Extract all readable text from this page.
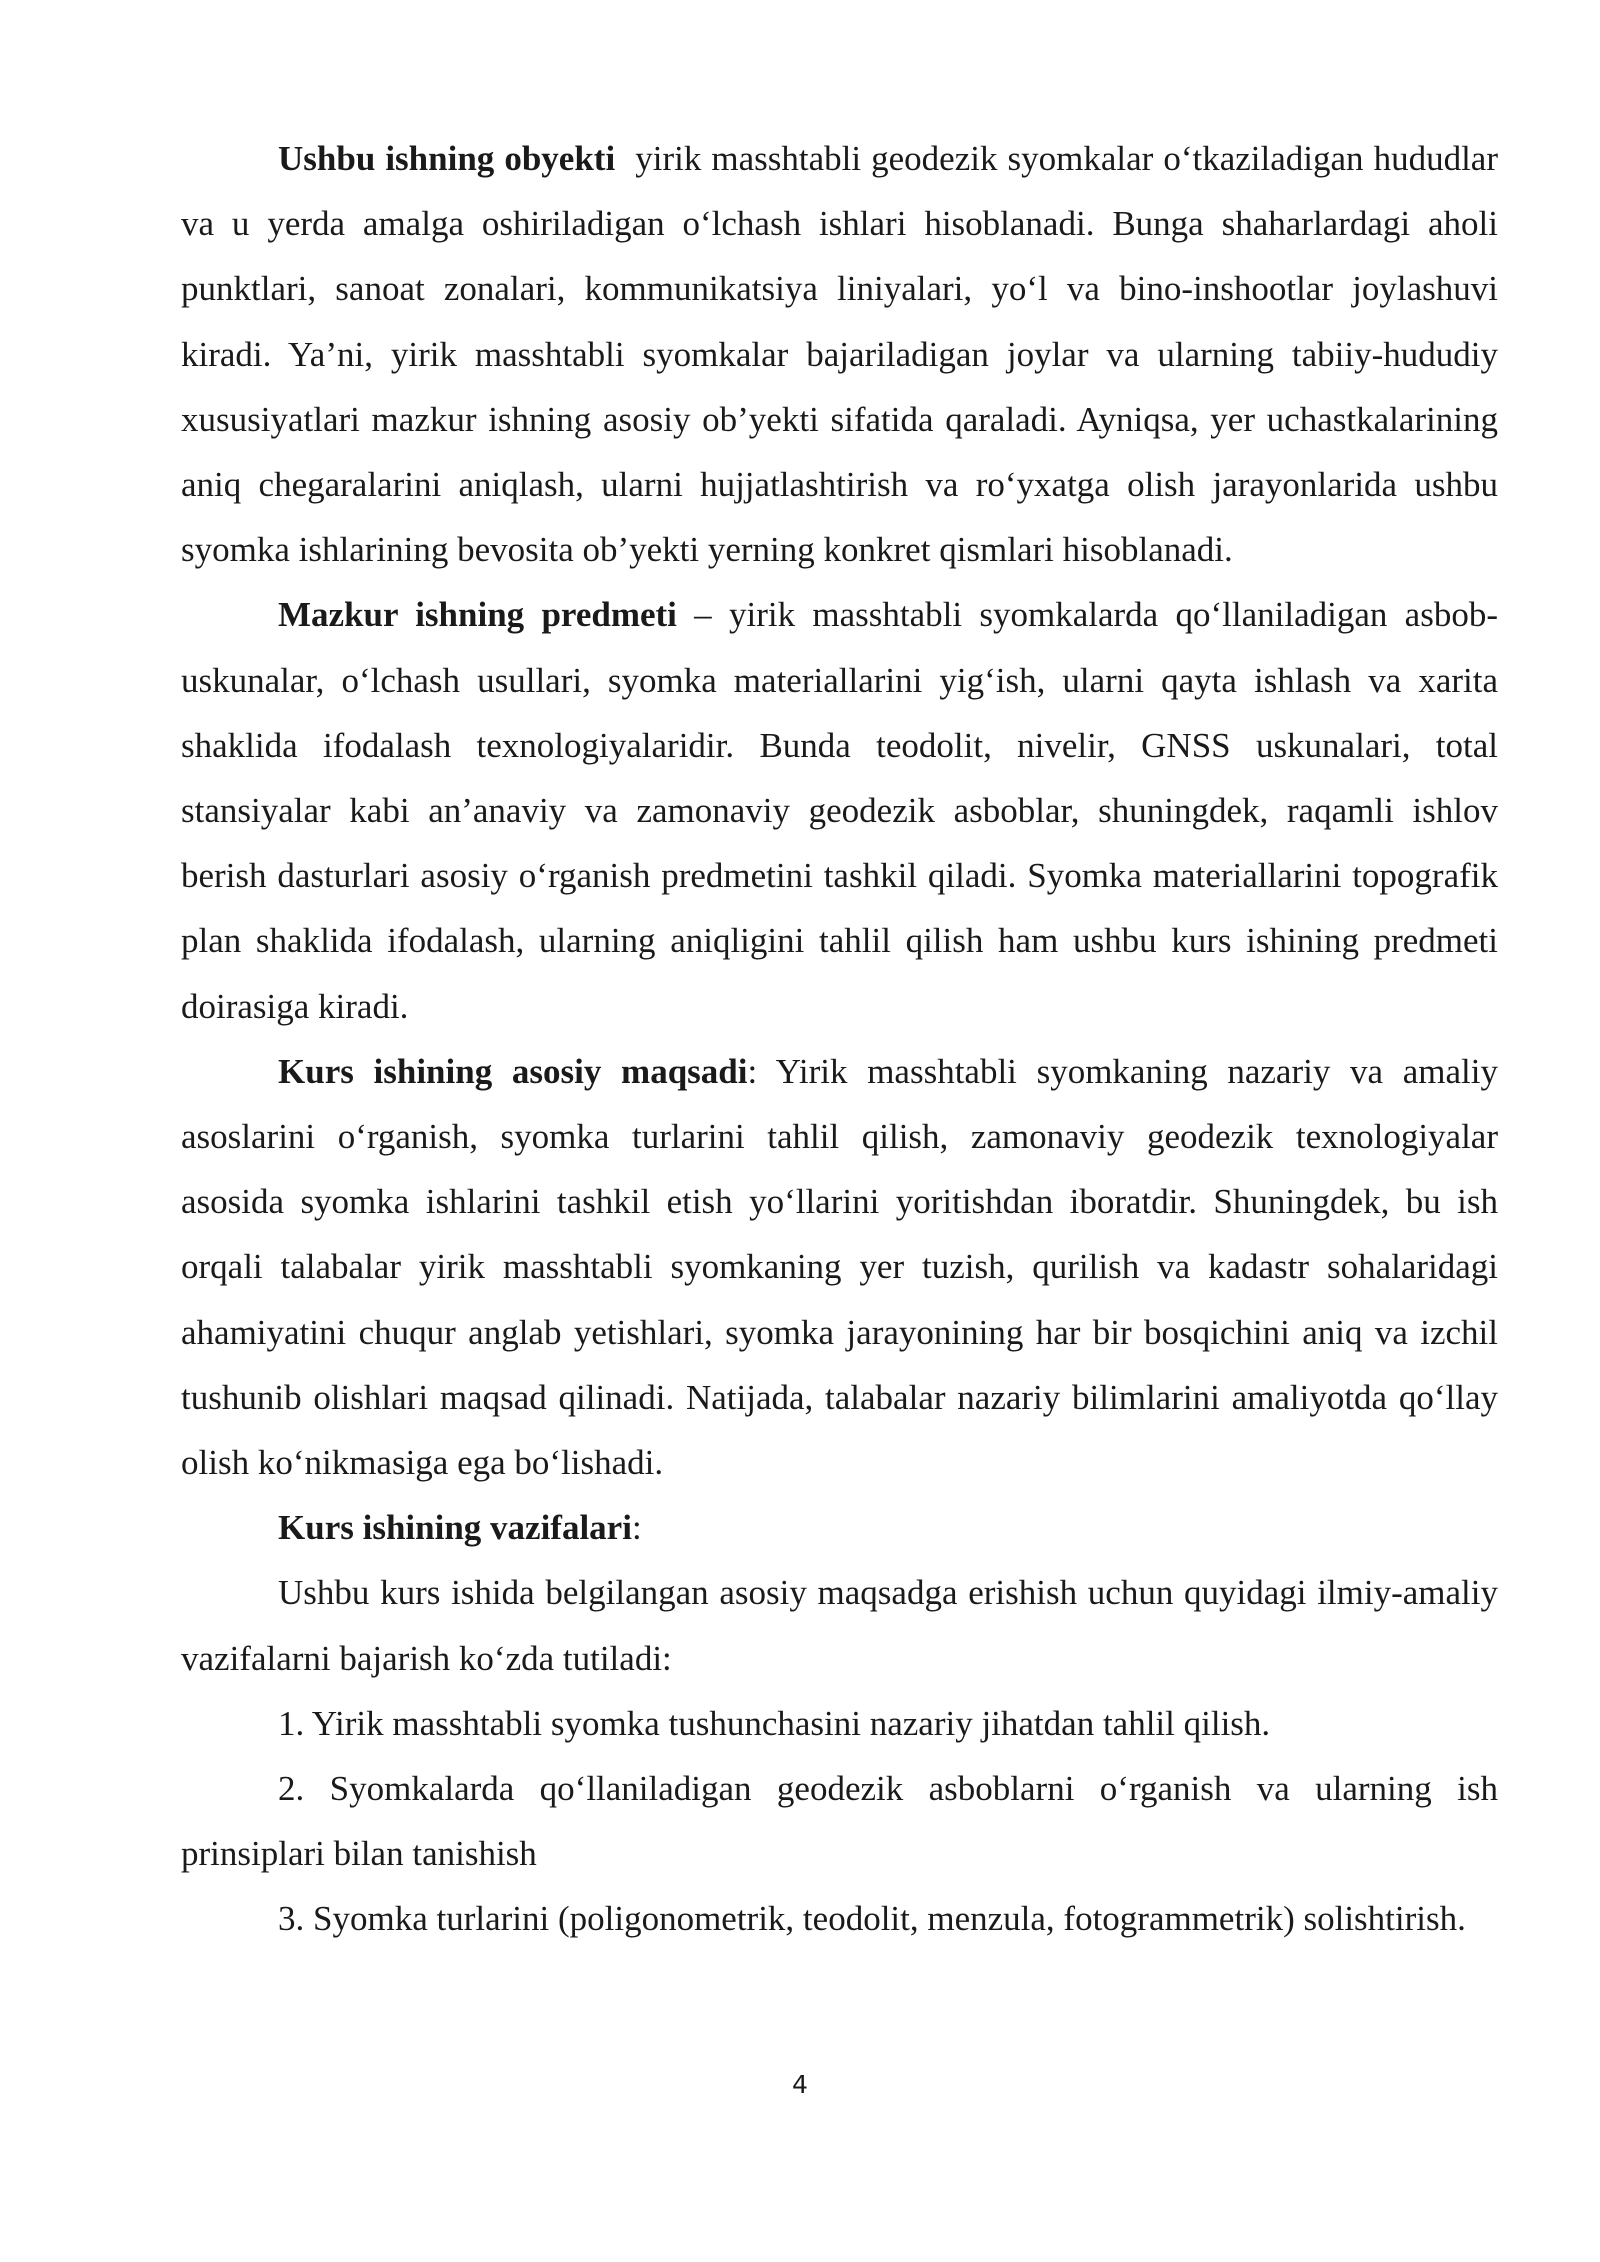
Ushbu ishning obyekti  yirik masshtabli geodezik syomkalar o‘tkaziladigan hududlar va u yerda amalga oshiriladigan o‘lchash ishlari hisoblanadi. Bunga shaharlardagi aholi punktlari, sanoat zonalari, kommunikatsiya liniyalari, yo‘l va bino-inshootlar joylashuvi kiradi. Ya’ni, yirik masshtabli syomkalar bajariladigan joylar va ularning tabiiy-hududiy xususiyatlari mazkur ishning asosiy ob’yekti sifatida qaraladi. Ayniqsa, yer uchastkalarining aniq chegaralarini aniqlash, ularni hujjatlashtirish va ro‘yxatga olish jarayonlarida ushbu syomka ishlarining bevosita ob’yekti yerning konkret qismlari hisoblanadi.

Mazkur ishning predmeti – yirik masshtabli syomkalarda qo‘llaniladigan asbob-uskunalar, o‘lchash usullari, syomka materiallarini yig‘ish, ularni qayta ishlash va xarita shaklida ifodalash texnologiyalaridir. Bunda teodolit, nivelir, GNSS uskunalari, total stansiyalar kabi an’anaviy va zamonaviy geodezik asboblar, shuningdek, raqamli ishlov berish dasturlari asosiy o‘rganish predmetini tashkil qiladi. Syomka materiallarini topografik plan shaklida ifodalash, ularning aniqligini tahlil qilish ham ushbu kurs ishining predmeti doirasiga kiradi.

Kurs ishining asosiy maqsadi: Yirik masshtabli syomkaning nazariy va amaliy asoslarini o‘rganish, syomka turlarini tahlil qilish, zamonaviy geodezik texnologiyalar asosida syomka ishlarini tashkil etish yo‘llarini yoritishdan iboratdir. Shuningdek, bu ish orqali talabalar yirik masshtabli syomkaning yer tuzish, qurilish va kadastr sohalaridagi ahamiyatini chuqur anglab yetishlari, syomka jarayonining har bir bosqichini aniq va izchil tushunib olishlari maqsad qilinadi. Natijada, talabalar nazariy bilimlarini amaliyotda qo‘llay olish ko‘nikmasiga ega bo‘lishadi.

Kurs ishining vazifalari:

Ushbu kurs ishida belgilangan asosiy maqsadga erishish uchun quyidagi ilmiy-amaliy vazifalarni bajarish ko‘zda tutiladi:

1. Yirik masshtabli syomka tushunchasini nazariy jihatdan tahlil qilish.

2. Syomkalarda qo‘llaniladigan geodezik asboblarni o‘rganish va ularning ish prinsiplari bilan tanishish

3. Syomka turlarini (poligonometrik, teodolit, menzula, fotogrammetrik) solishtirish.

4
